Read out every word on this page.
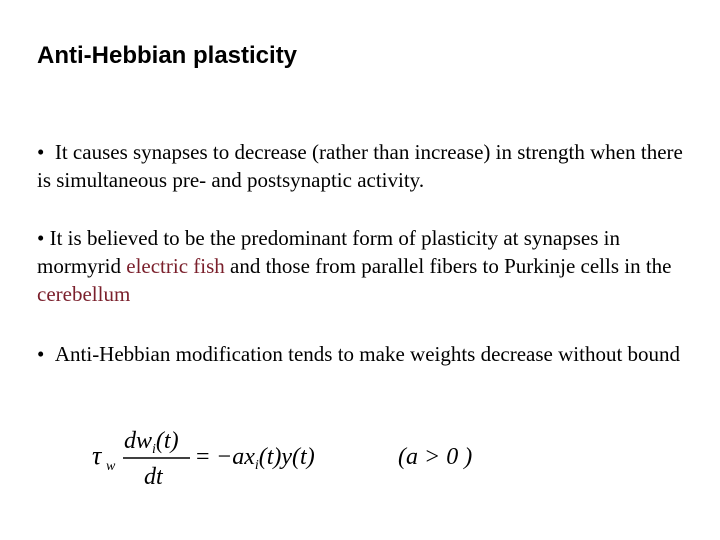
Anti-Hebbian plasticity
• It causes synapses to decrease (rather than increase) in strength when there is simultaneous pre- and postsynaptic activity.
• It is believed to be the predominant form of plasticity at synapses in mormyrid electric fish and those from parallel fibers to Purkinje cells in the cerebellum
• Anti-Hebbian modification tends to make weights decrease without bound
τ w
$dw_i(t)$
dt
= $-ax_i(t)y(t)$	(a > 0 )
